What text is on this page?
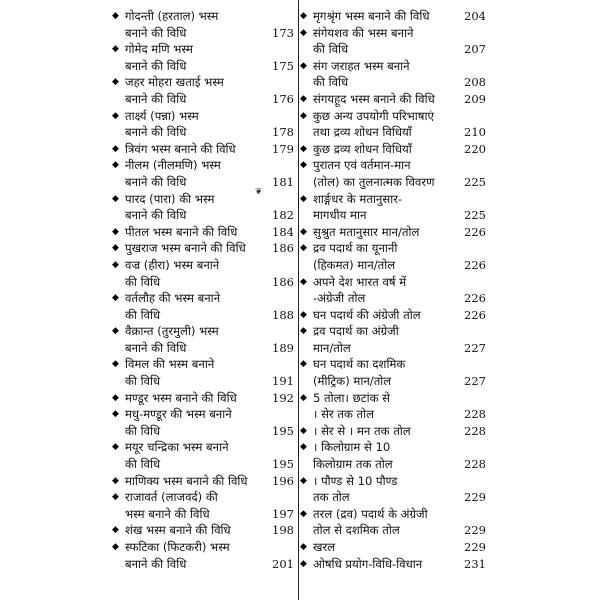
◆ गोदन्ती (हरताल) भस्म
बनाने की विधि	173
◆ गोमेद मणि भस्म
बनाने की विधि	175
◆ जहर मोहरा खताई भस्म
बनाने की विधि	176
◆ तार्क्ष्य (पन्ना) भस्म
बनाने की विधि	178
◆ त्रिवंग भस्म बनाने की विधि	179
◆ नीलम (नीलमणि) भस्म
बनाने की विधि	181
◆ पारद (पारा) की भस्म
बनाने की विधि	182
◆ पीतल भस्म बनाने की विधि	184
◆ पुखराज भस्म बनाने की विधि	186
◆ वज्र (हीरा) भस्म बनाने
की विधि	186
◆ वर्तलौह की भस्म बनाने
की विधि	188
◆ वैक्रान्त (तुरमुली) भस्म
बनाने की विधि	189
◆ विमल की भस्म बनाने
की विधि	191
◆ मण्डूर भस्म बनाने की विधि	192
◆ मधु-मण्डूर की भस्म बनाने
की विधि	195
◆ मयूर चन्द्रिका भस्म बनाने
की विधि	195
◆ माणिक्य भस्म बनाने की विधि	196
◆ राजावर्त (लाजवर्द) की
भस्म बनाने की विधि	197
◆ शंख भस्म बनाने की विधि	198
◆ स्फटिका (फिटकरी) भस्म
बनाने की विधि	201
◆ मृगश्रृंग भस्म बनाने की विधि	204
◆ संगेयशव की भस्म बनाने
की विधि	207
◆ संग जराहत भस्म बनाने
की विधि	208
◆ संगयहूद भस्म बनाने की विधि	209
◆ कुछ अन्य उपयोगी परिभाषाएं
तथा द्रव्य शोधन विधियाँ	210
◆ कुछ द्रव्य शोधन विधियाँ	220
◆ पुरातन एवं वर्तमान-मान
(तोल) का तुलनात्मक विवरण	225
◆ शार्ङ्गधर के मतानुसार-
मागधीय मान	225
◆ सुश्रुत मतानुसार मान/तोल	226
◆ द्रव पदार्थ का यूनानी
(हिकमत) मान/तोल	226
◆ अपने देश भारत वर्ष में
-अंग्रेजी तोल	226
◆ घन पदार्थ की अंग्रेजी तोल	226
◆ द्रव पदार्थ का अंग्रेजी
मान/तोल	227
◆ घन पदार्थ का दशमिक
(मीट्रिक) मान/तोल	227
◆ 5 तोला। छटांक से
। सेर तक तोल	228
◆ । सेर से । मन तक तोल	228
◆ । किलोग्राम से 10
किलोग्राम तक तोल	228
◆ । पौण्ड से 10 पौण्ड
तक तोल	229
◆ तरल (द्रव) पदार्थ के अंग्रेजी
तोल से दशमिक तोल	229
◆ खरल	229
◆ ओषधि प्रयोग-विधि-विधान	231
❦
